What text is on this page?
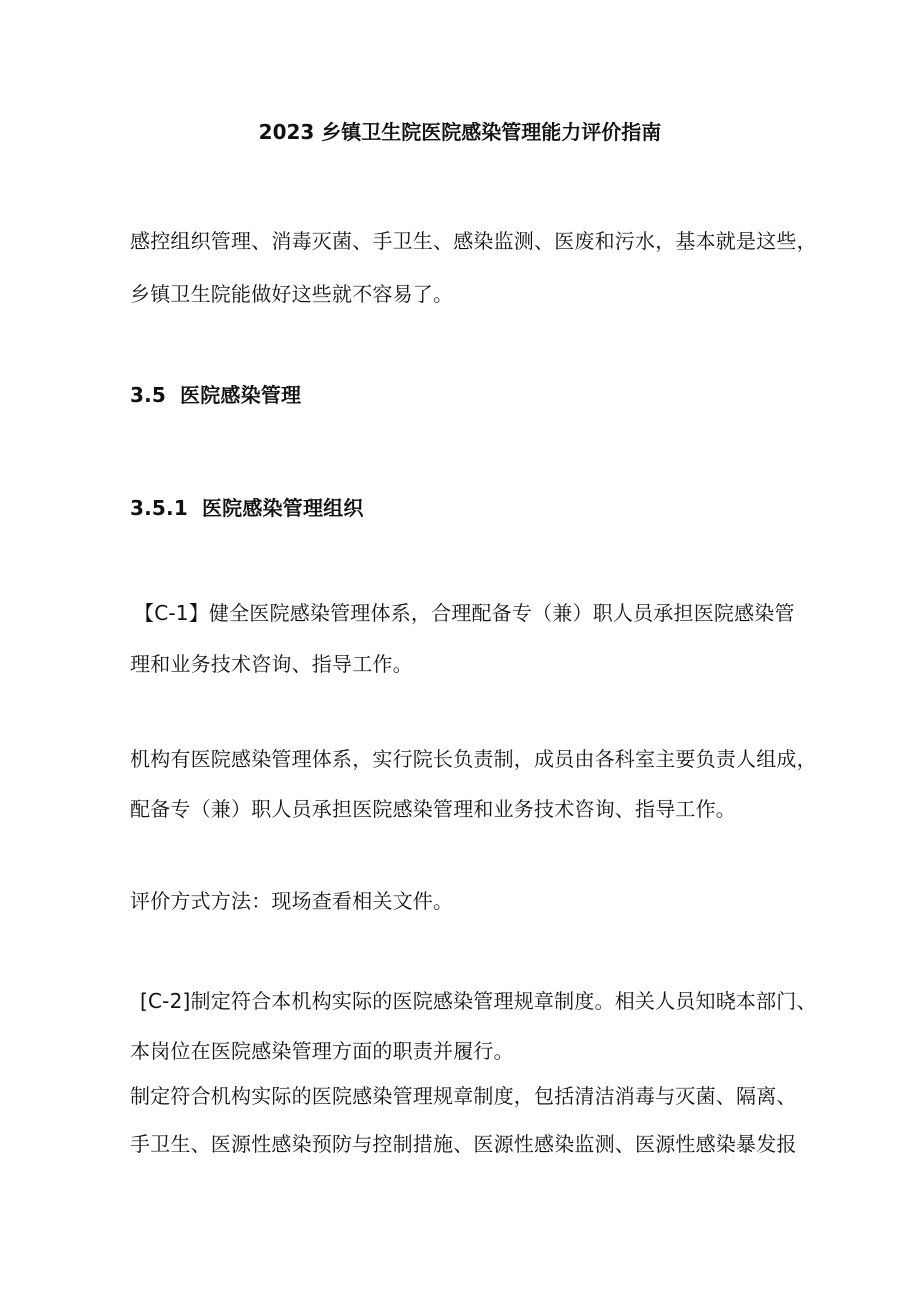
2023 乡镇卫生院医院感染管理能力评价指南
感控组织管理、消毒灭菌、手卫生、感染监测、医废和污水，基本就是这些，
乡镇卫生院能做好这些就不容易了。
3.5 医院感染管理
3.5.1 医院感染管理组织
【C-1】健全医院感染管理体系，合理配备专（兼）职人员承担医院感染管
理和业务技术咨询、指导工作。
机构有医院感染管理体系，实行院长负责制，成员由各科室主要负责人组成，
配备专（兼）职人员承担医院感染管理和业务技术咨询、指导工作。
评价方式方法：现场查看相关文件。
[C-2]制定符合本机构实际的医院感染管理规章制度。相关人员知晓本部门、
本岗位在医院感染管理方面的职责并履行。
制定符合机构实际的医院感染管理规章制度，包括清洁消毒与灭菌、隔离、
手卫生、医源性感染预防与控制措施、医源性感染监测、医源性感染暴发报
